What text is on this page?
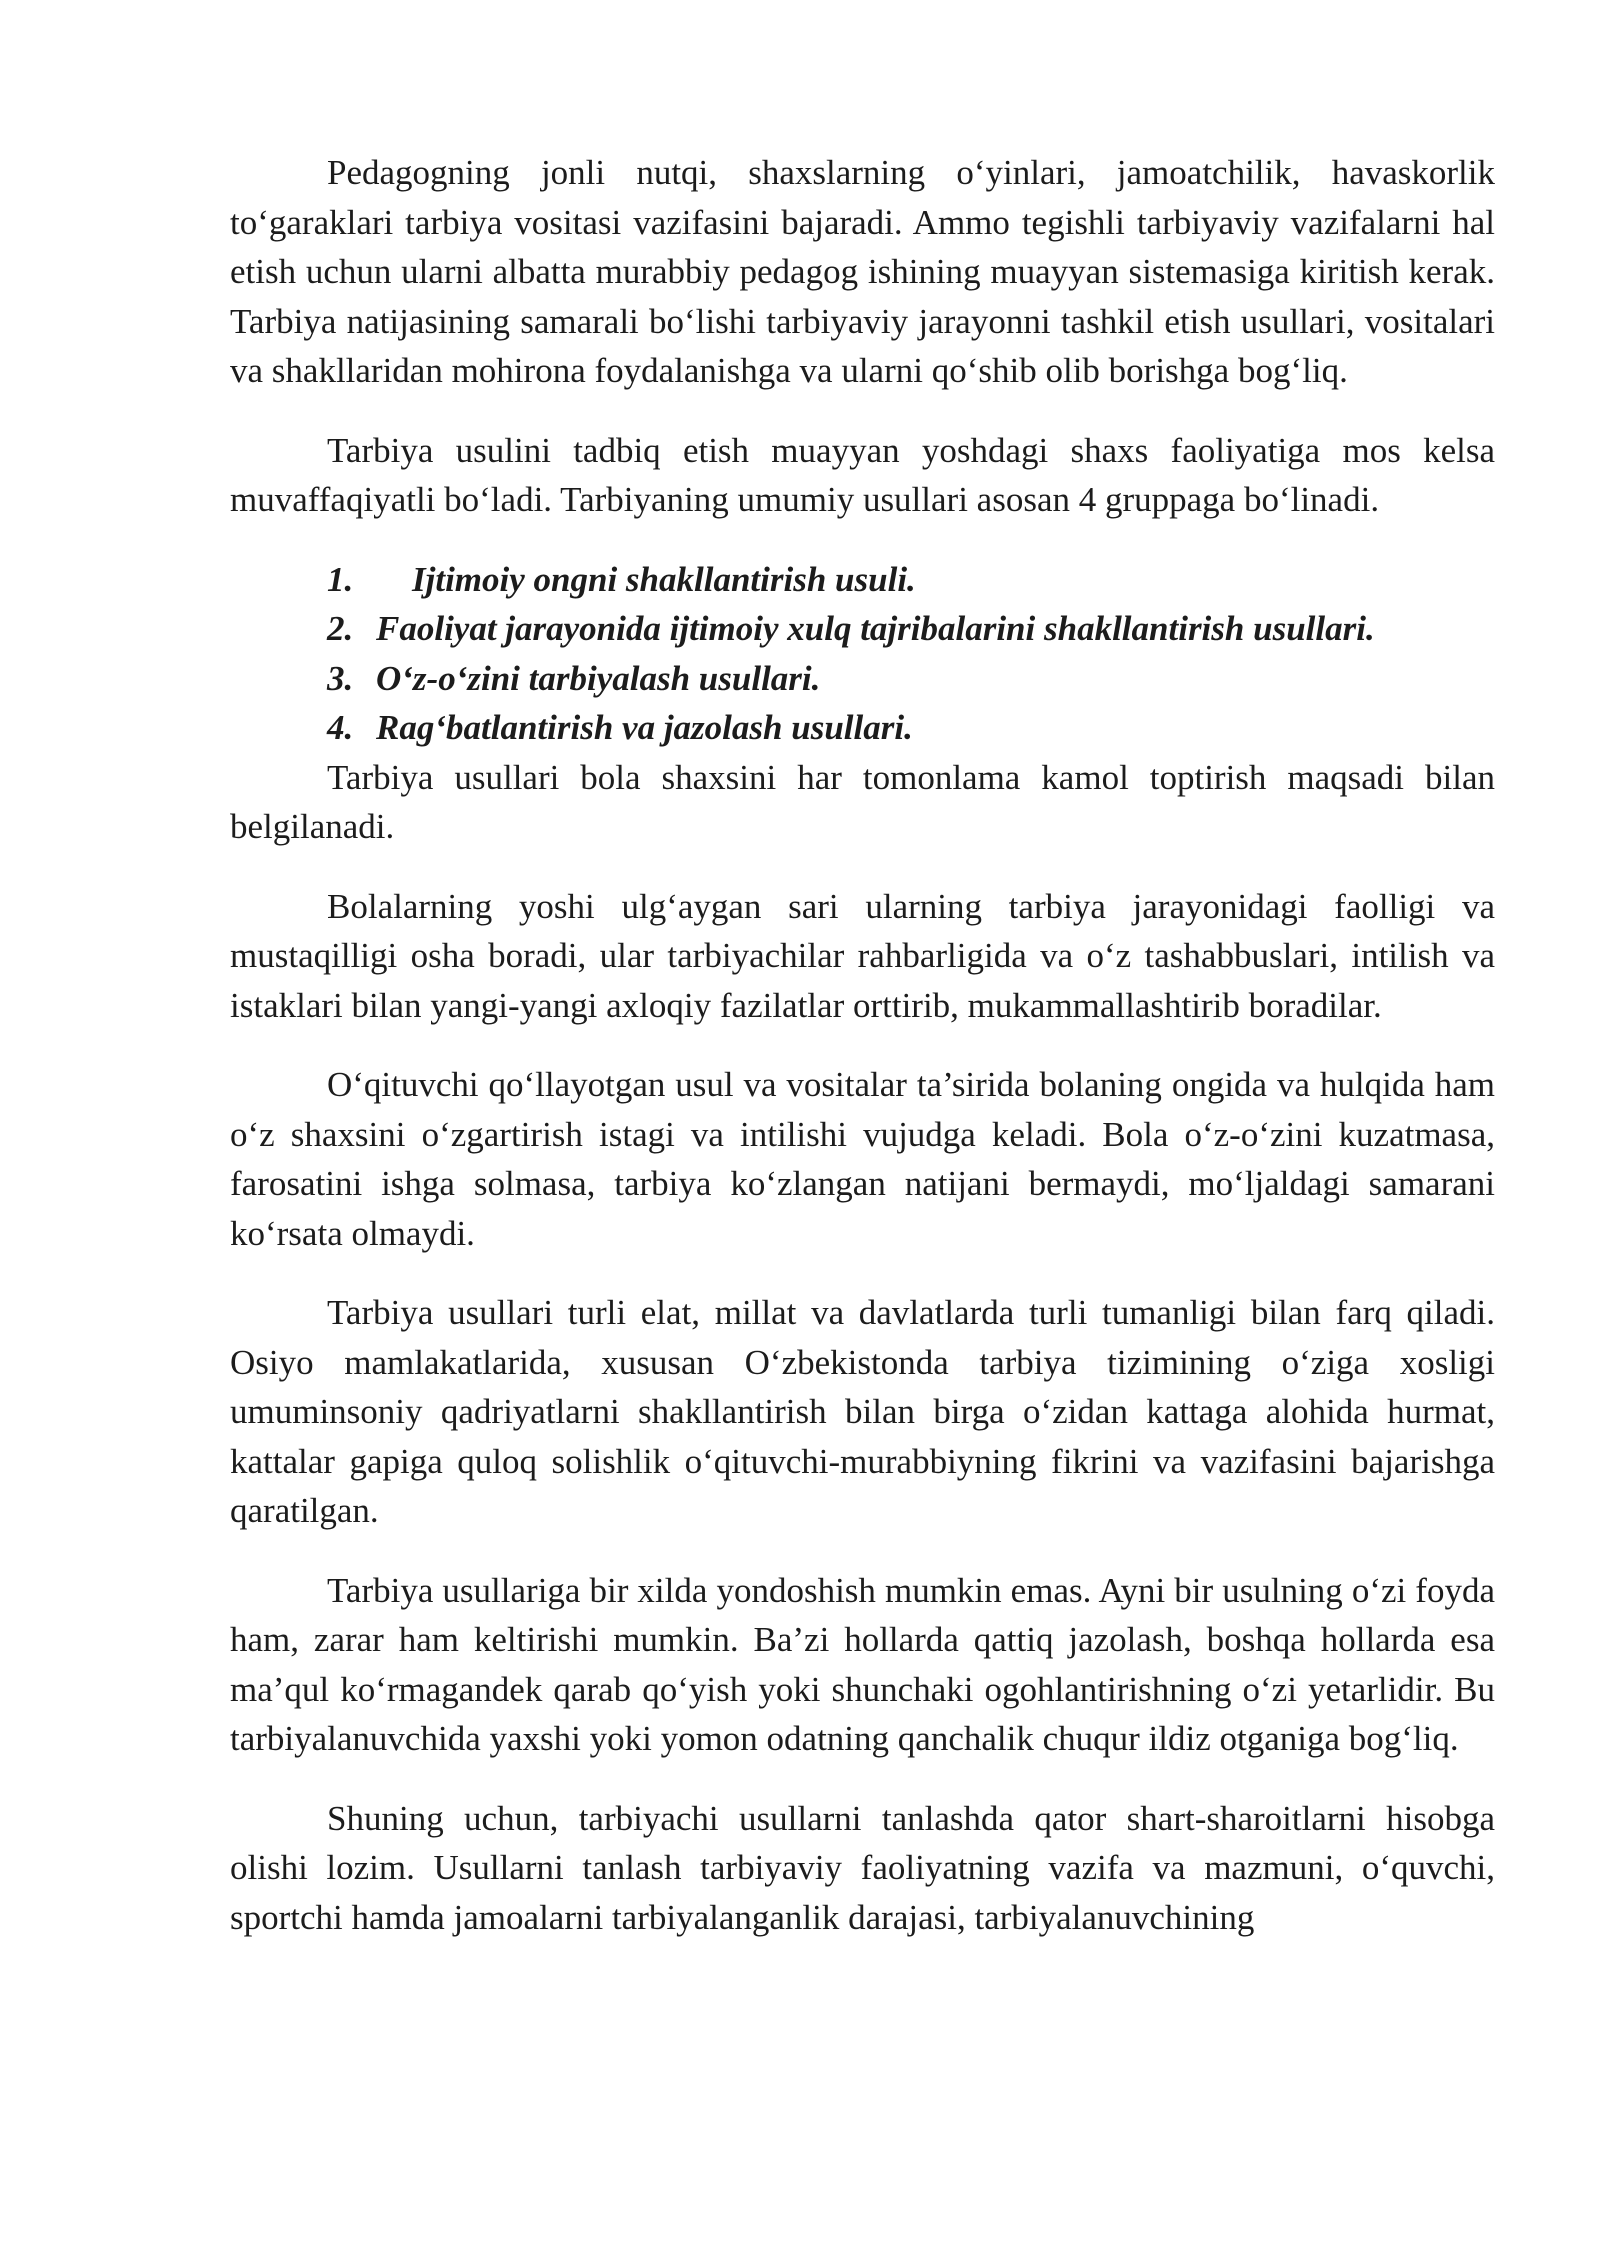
Pedagogning jonli nutqi, shaxslarning o‘yinlari, jamoatchilik, havaskorlik to‘garaklari tarbiya vositasi vazifasini bajaradi. Ammo tegishli tarbiyaviy vazifalarni hal etish uchun ularni albatta murabbiy pedagog ishining muayyan sistemasiga kiritish kerak. Tarbiya natijasining samarali bo‘lishi tarbiyaviy jarayonni tashkil etish usullari, vositalari va shakllaridan mohirona foydalanishga va ularni qo‘shib olib borishga bog‘liq.

Tarbiya usulini tadbiq etish muayyan yoshdagi shaxs faoliyatiga mos kelsa muvaffaqiyatli bo‘ladi. Tarbiyaning umumiy usullari asosan 4 gruppaga bo‘linadi.

1. Ijtimoiy ongni shakllantirish usuli.
2. Faoliyat jarayonida ijtimoiy xulq tajribalarini shakllantirish usullari.
3. O‘z-o‘zini tarbiyalash usullari.
4. Rag‘batlantirish va jazolash usullari.

Tarbiya usullari bola shaxsini har tomonlama kamol toptirish maqsadi bilan belgilanadi.

Bolalarning yoshi ulg‘aygan sari ularning tarbiya jarayonidagi faolligi va mustaqilligi osha boradi, ular tarbiyachilar rahbarligida va o‘z tashabbuslari, intilish va istaklari bilan yangi-yangi axloqiy fazilatlar orttirib, mukammallashtirib boradilar.

O‘qituvchi qo‘llayotgan usul va vositalar ta’sirida bolaning ongida va hulqida ham o‘z shaxsini o‘zgartirish istagi va intilishi vujudga keladi. Bola o‘z-o‘zini kuzatmasa, farosatini ishga solmasa, tarbiya ko‘zlangan natijani bermaydi, mo‘ljaldagi samarani ko‘rsata olmaydi.

Tarbiya usullari turli elat, millat va davlatlarda turli tumanligi bilan farq qiladi. Osiyo mamlakatlarida, xususan O‘zbekistonda tarbiya tizimining o‘ziga xosligi umuminsoniy qadriyatlarni shakllantirish bilan birga o‘zidan kattaga alohida hurmat, kattalar gapiga quloq solishlik o‘qituvchi-murabbiyning fikrini va vazifasini bajarishga qaratilgan.

Tarbiya usullariga bir xilda yondoshish mumkin emas. Ayni bir usulning o‘zi foyda ham, zarar ham keltirishi mumkin. Ba’zi hollarda qattiq jazolash, boshqa hollarda esa ma’qul ko‘rmagandek qarab qo‘yish yoki shunchaki ogohlantirishning o‘zi yetarlidir. Bu tarbiyalanuvchida yaxshi yoki yomon odatning qanchalik chuqur ildiz otganiga bog‘liq.

Shuning uchun, tarbiyachi usullarni tanlashda qator shart-sharoitlarni hisobga olishi lozim. Usullarni tanlash tarbiyaviy faoliyatning vazifa va mazmuni, o‘quvchi, sportchi hamda jamoalarni tarbiyalanganlik darajasi, tarbiyalanuvchining
